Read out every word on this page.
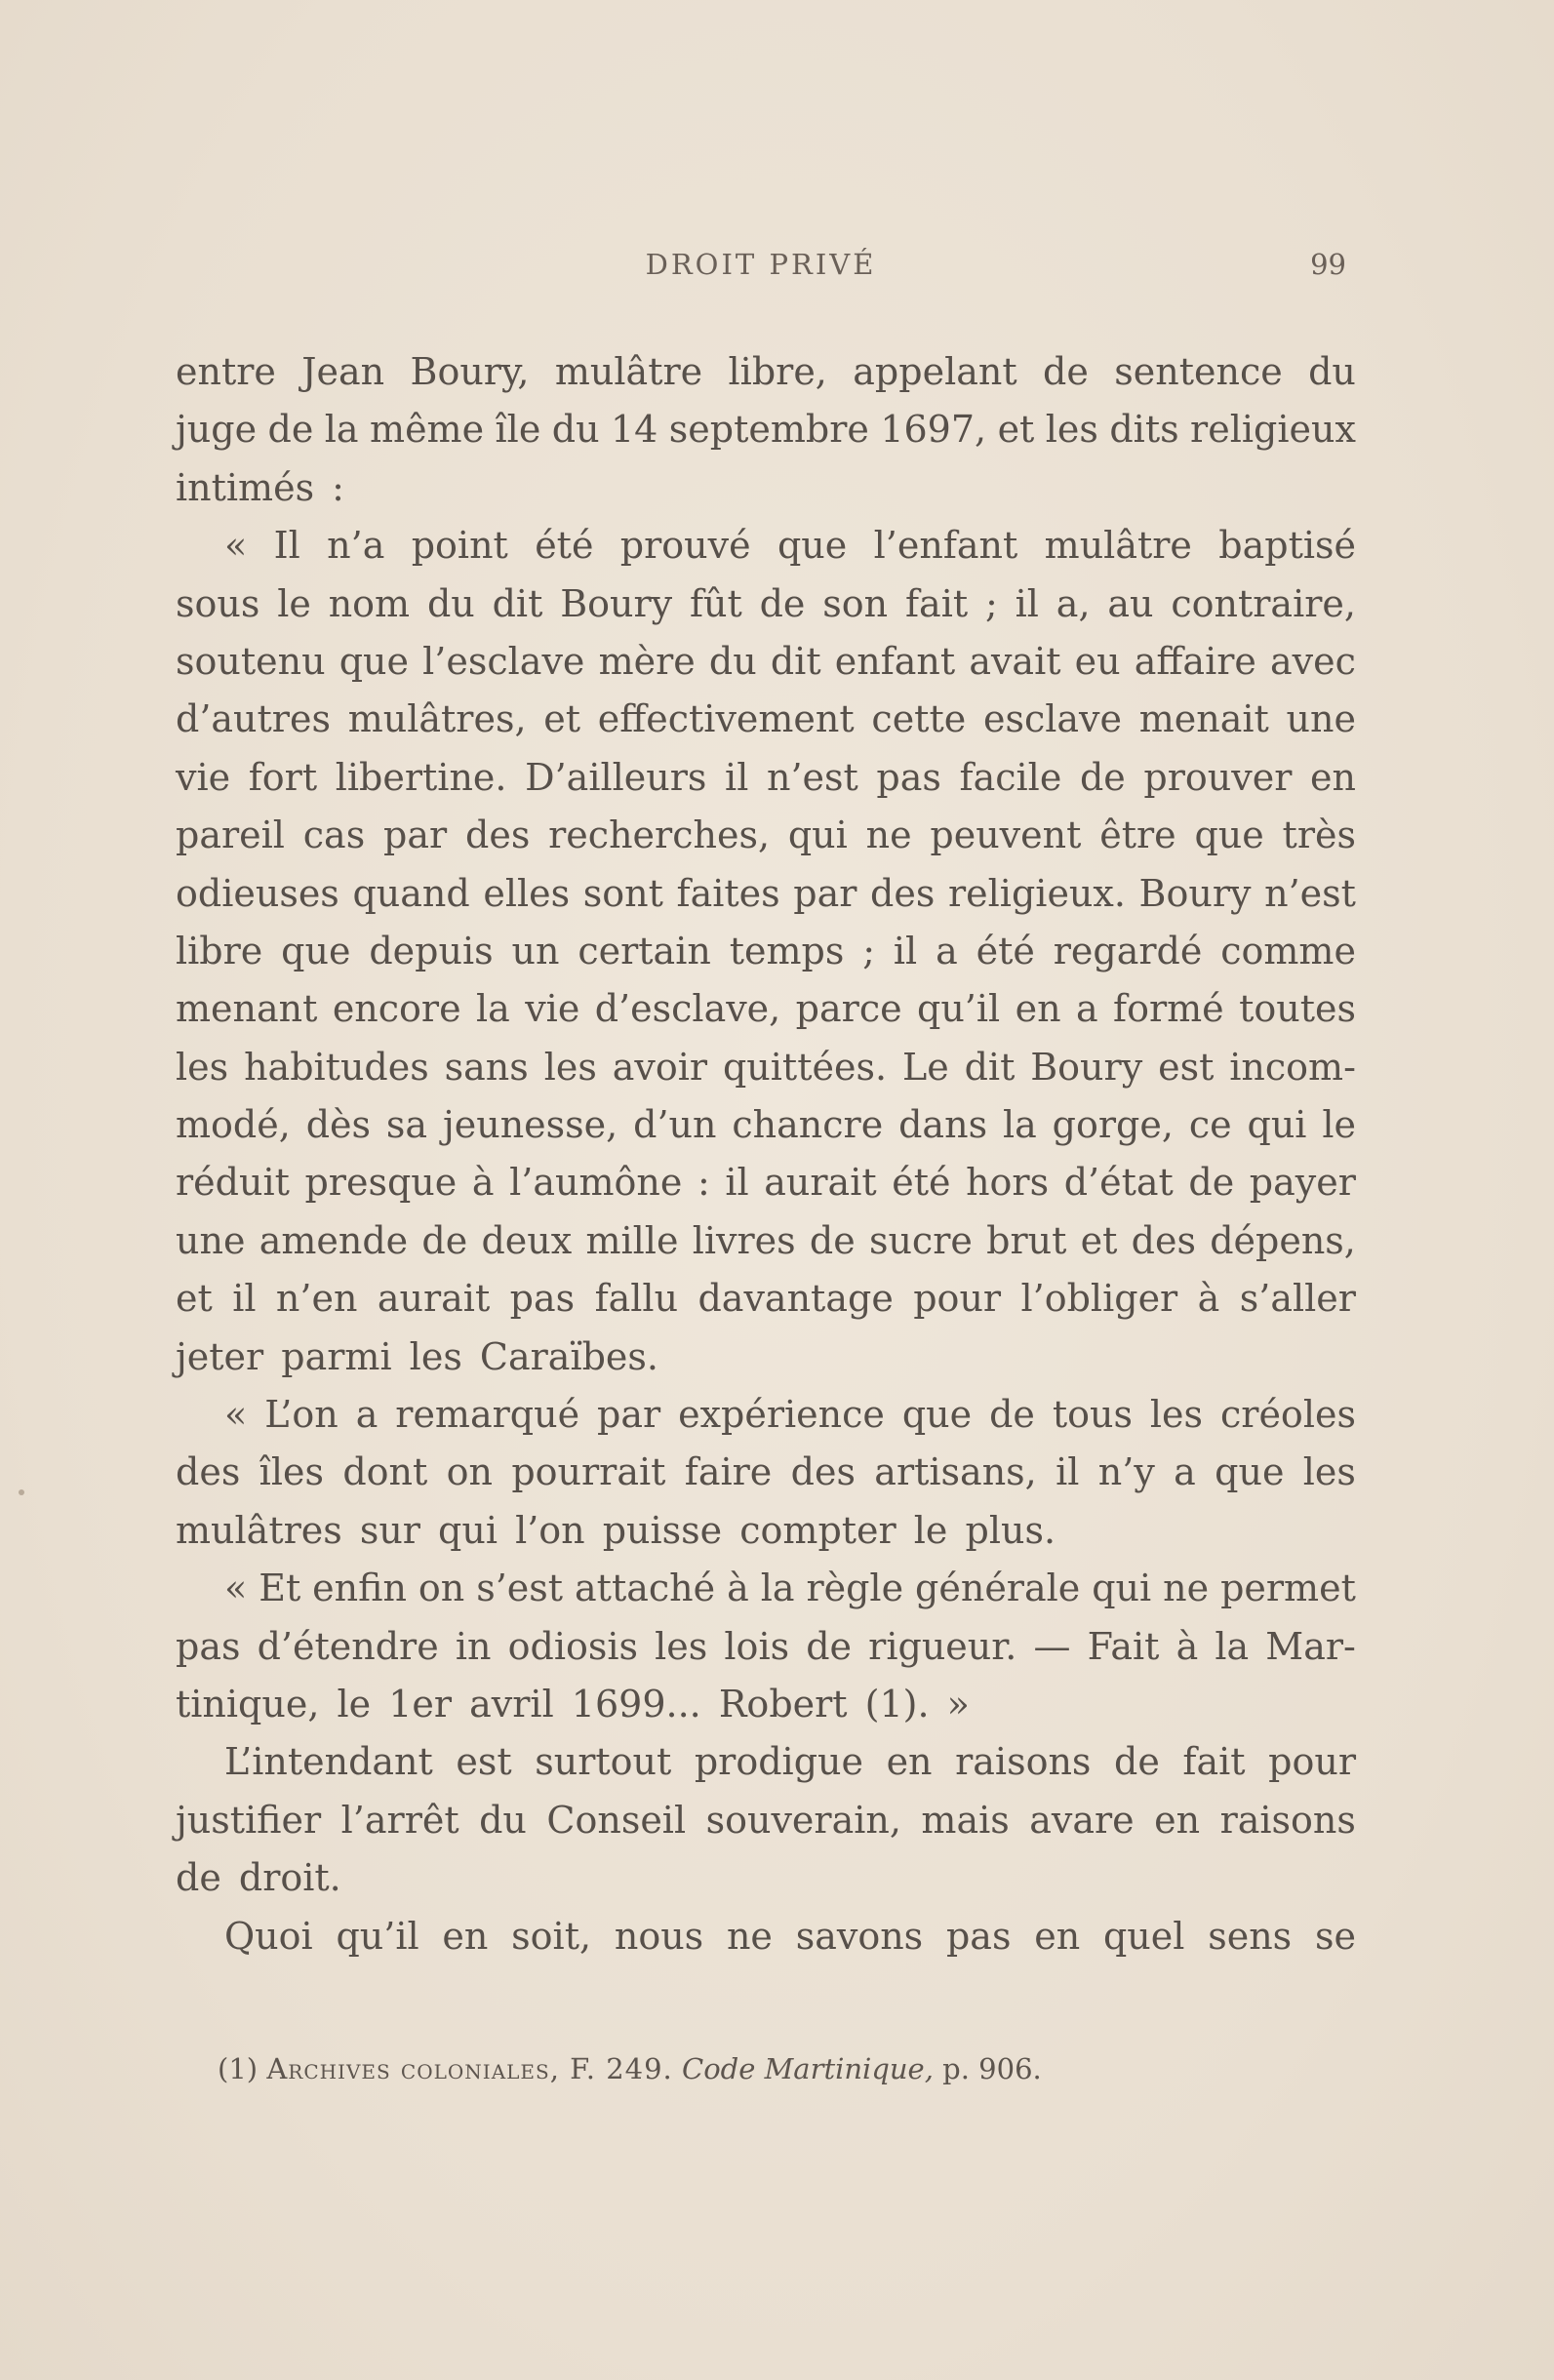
DROIT PRIVÉ	99
entre Jean Boury, mulâtre libre, appelant de sentence du
juge de la même île du 14 septembre 1697, et les dits religieux
intimés :
« Il n’a point été prouvé que l’enfant mulâtre baptisé
sous le nom du dit Boury fût de son fait ; il a, au contraire,
soutenu que l’esclave mère du dit enfant avait eu affaire avec
d’autres mulâtres, et effectivement cette esclave menait une
vie fort libertine. D’ailleurs il n’est pas facile de prouver en
pareil cas par des recherches, qui ne peuvent être que très
odieuses quand elles sont faites par des religieux. Boury n’est
libre que depuis un certain temps ; il a été regardé comme
menant encore la vie d’esclave, parce qu’il en a formé toutes
les habitudes sans les avoir quittées. Le dit Boury est incom-
modé, dès sa jeunesse, d’un chancre dans la gorge, ce qui le
réduit presque à l’aumône : il aurait été hors d’état de payer
une amende de deux mille livres de sucre brut et des dépens,
et il n’en aurait pas fallu davantage pour l’obliger à s’aller
jeter parmi les Caraïbes.
« L’on a remarqué par expérience que de tous les créoles
des îles dont on pourrait faire des artisans, il n’y a que les
mulâtres sur qui l’on puisse compter le plus.
« Et enfin on s’est attaché à la règle générale qui ne permet
pas d’étendre in odiosis les lois de rigueur. — Fait à la Mar-
tinique, le 1er avril 1699... Robert (1). »
L’intendant est surtout prodigue en raisons de fait pour
justifier l’arrêt du Conseil souverain, mais avare en raisons
de droit.
Quoi qu’il en soit, nous ne savons pas en quel sens se
(1) Archives coloniales, F. 249. Code Martinique, p. 906.
